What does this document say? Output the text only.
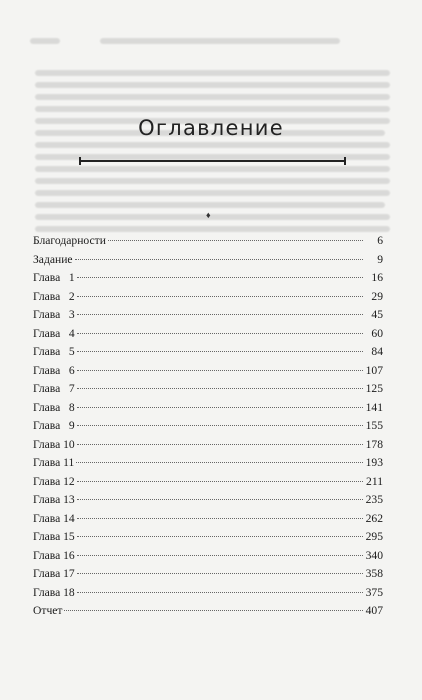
Оглавление
♦
Благодарности	6
Задание	9
Глава   1	16
Глава   2	29
Глава   3	45
Глава   4	60
Глава   5	84
Глава   6	107
Глава   7	125
Глава   8	141
Глава   9	155
Глава 10	178
Глава 11	193
Глава 12	211
Глава 13	235
Глава 14	262
Глава 15	295
Глава 16	340
Глава 17	358
Глава 18	375
Отчет	407
